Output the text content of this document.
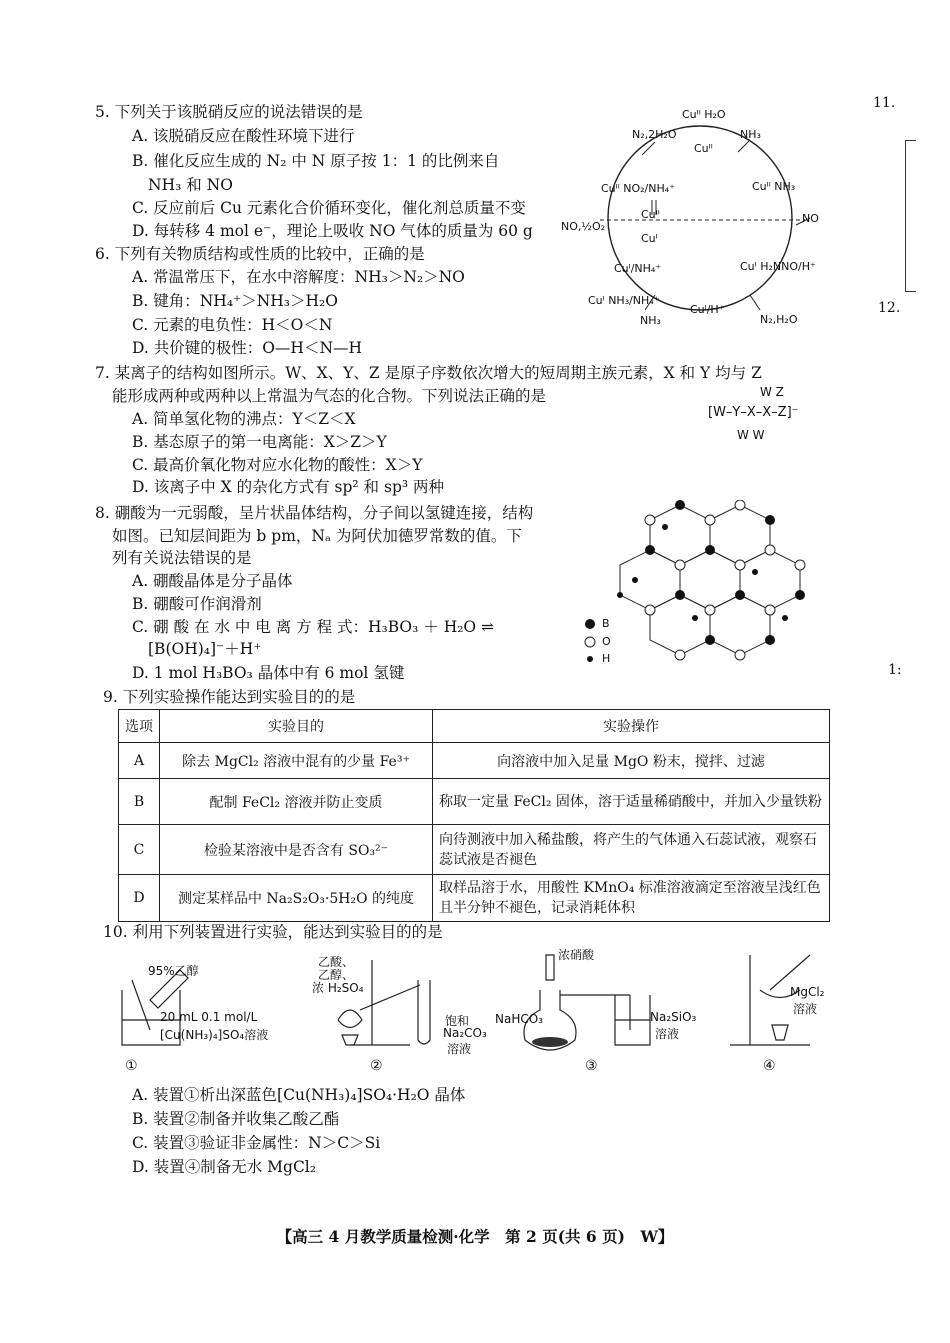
5. 下列关于该脱硝反应的说法错误的是
A. 该脱硝反应在酸性环境下进行
B. 催化反应生成的 N₂ 中 N 原子按 1：1 的比例来自
NH₃ 和 NO
C. 反应前后 Cu 元素化合价循环变化，催化剂总质量不变
D. 每转移 4 mol e⁻，理论上吸收 NO 气体的质量为 60 g
Cuᴵᴵ H₂O
N₂,2H₂O	NH₃
Cuᴵᴵ
Cuᴵᴵ NO₂/NH₄⁺	Cuᴵᴵ NH₃
NO,½O₂
NO
Cuᴵᴵ
Cuᴵ
Cuᴵ/NH₄⁺	Cuᴵ H₂NNO/H⁺
Cuᴵ NH₃/NH₄⁺
Cuᴵ/H⁺
NH₃	N₂,H₂O
6. 下列有关物质结构或性质的比较中，正确的是
A. 常温常压下，在水中溶解度：NH₃＞N₂＞NO
B. 键角：NH₄⁺＞NH₃＞H₂O
C. 元素的电负性：H＜O＜N
D. 共价键的极性：O—H＜N—H
7. 某离子的结构如图所示。W、X、Y、Z 是原子序数依次增大的短周期主族元素，X 和 Y 均与 Z
能形成两种或两种以上常温为气态的化合物。下列说法正确的是
A. 简单氢化物的沸点：Y＜Z＜X
B. 基态原子的第一电离能：X＞Z＞Y
C. 最高价氧化物对应水化物的酸性：X＞Y
D. 该离子中 X 的杂化方式有 sp² 和 sp³ 两种
W Z
[W–Y–X–X–Z]⁻
W W
8. 硼酸为一元弱酸，呈片状晶体结构，分子间以氢键连接，结构
如图。已知层间距为 b pm，Nₐ 为阿伏加德罗常数的值。下
列有关说法错误的是
A. 硼酸晶体是分子晶体
B. 硼酸可作润滑剂
C. 硼 酸 在 水 中 电 离 方 程 式：H₃BO₃ ＋ H₂O ⇌
[B(OH)₄]⁻＋H⁺
D. 1 mol H₃BO₃ 晶体中有 6 mol 氢键
B
O
H
9. 下列实验操作能达到实验目的的是
选项	实验目的	实验操作
A	除去 MgCl₂ 溶液中混有的少量 Fe³⁺	向溶液中加入足量 MgO 粉末，搅拌、过滤
B	配制 FeCl₂ 溶液并防止变质	称取一定量 FeCl₂ 固体，溶于适量稀硝酸中，并加入少量铁粉
C	检验某溶液中是否含有 SO₃²⁻	向待测液中加入稀盐酸，将产生的气体通入石蕊试液，观察石蕊试液是否褪色
D	测定某样品中 Na₂S₂O₃·5H₂O 的纯度	取样品溶于水，用酸性 KMnO₄ 标准溶液滴定至溶液呈浅红色且半分钟不褪色，记录消耗体积
10. 利用下列装置进行实验，能达到实验目的的是
95%乙醇
20 mL 0.1 mol/L
[Cu(NH₃)₄]SO₄溶液
①
乙酸、
乙醇、
浓 H₂SO₄
饱和
Na₂CO₃
溶液
②
浓硝酸
NaHCO₃	Na₂SiO₃
溶液
③
MgCl₂
溶液
④
A. 装置①析出深蓝色[Cu(NH₃)₄]SO₄·H₂O 晶体
B. 装置②制备并收集乙酸乙酯
C. 装置③验证非金属性：N＞C＞Si
D. 装置④制备无水 MgCl₂
11.
12.
1:
【高三 4 月教学质量检测·化学　第 2 页(共 6 页)　W】
